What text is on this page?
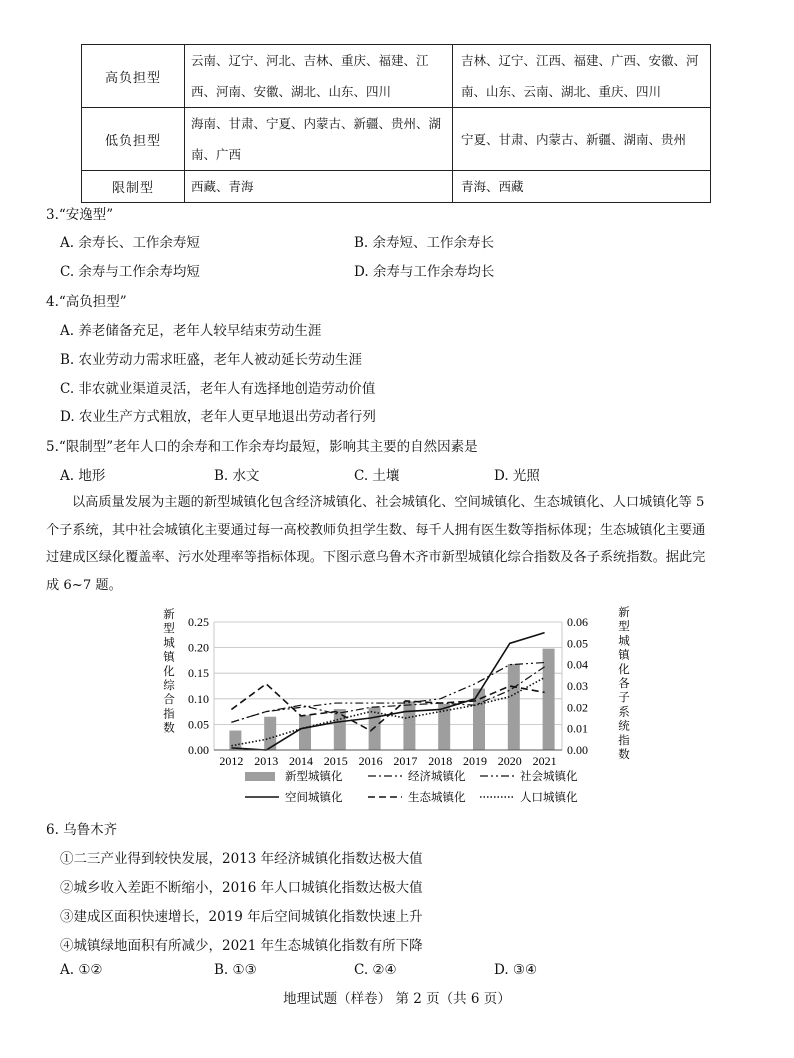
高负担型	云南、辽宁、河北、吉林、重庆、福建、江西、河南、安徽、湖北、山东、四川	吉林、辽宁、江西、福建、广西、安徽、河南、山东、云南、湖北、重庆、四川
低负担型	海南、甘肃、宁夏、内蒙古、新疆、贵州、湖南、广西	宁夏、甘肃、内蒙古、新疆、湖南、贵州
限制型	西藏、青海	青海、西藏
3.“安逸型”
A. 余寿长、工作余寿短	B. 余寿短、工作余寿长
C. 余寿与工作余寿均短	D. 余寿与工作余寿均长
4.“高负担型”
A. 养老储备充足，老年人较早结束劳动生涯
B. 农业劳动力需求旺盛，老年人被动延长劳动生涯
C. 非农就业渠道灵活，老年人有选择地创造劳动价值
D. 农业生产方式粗放，老年人更早地退出劳动者行列
5.“限制型”老年人口的余寿和工作余寿均最短，影响其主要的自然因素是
A. 地形	B. 水文	C. 土壤	D. 光照
以高质量发展为主题的新型城镇化包含经济城镇化、社会城镇化、空间城镇化、生态城镇化、人口城镇化等 5
个子系统，其中社会城镇化主要通过每一高校教师负担学生数、每千人拥有医生数等指标体现；生态城镇化主要通
过建成区绿化覆盖率、污水处理率等指标体现。下图示意乌鲁木齐市新型城镇化综合指数及各子系统指数。据此完
成 6~7 题。
0.00
0.05
0.10
0.15
0.20
0.25
0.00
0.01
0.02
0.03
0.04
0.05
0.06
2012 2013 2014 2015 2016 2017 2018 2019 2020 2021
新
型
城
镇
化
综
合
指
数
新
型
城
镇
化
各
子
系
统
指
数
新型城镇化	经济城镇化	社会城镇化
空间城镇化	生态城镇化	人口城镇化
6. 乌鲁木齐
①二三产业得到较快发展，2013 年经济城镇化指数达极大值
②城乡收入差距不断缩小，2016 年人口城镇化指数达极大值
③建成区面积快速增长，2019 年后空间城镇化指数快速上升
④城镇绿地面积有所减少，2021 年生态城镇化指数有所下降
A. ①②	B. ①③	C. ②④	D. ③④
地理试题（样卷） 第 2 页（共 6 页）
